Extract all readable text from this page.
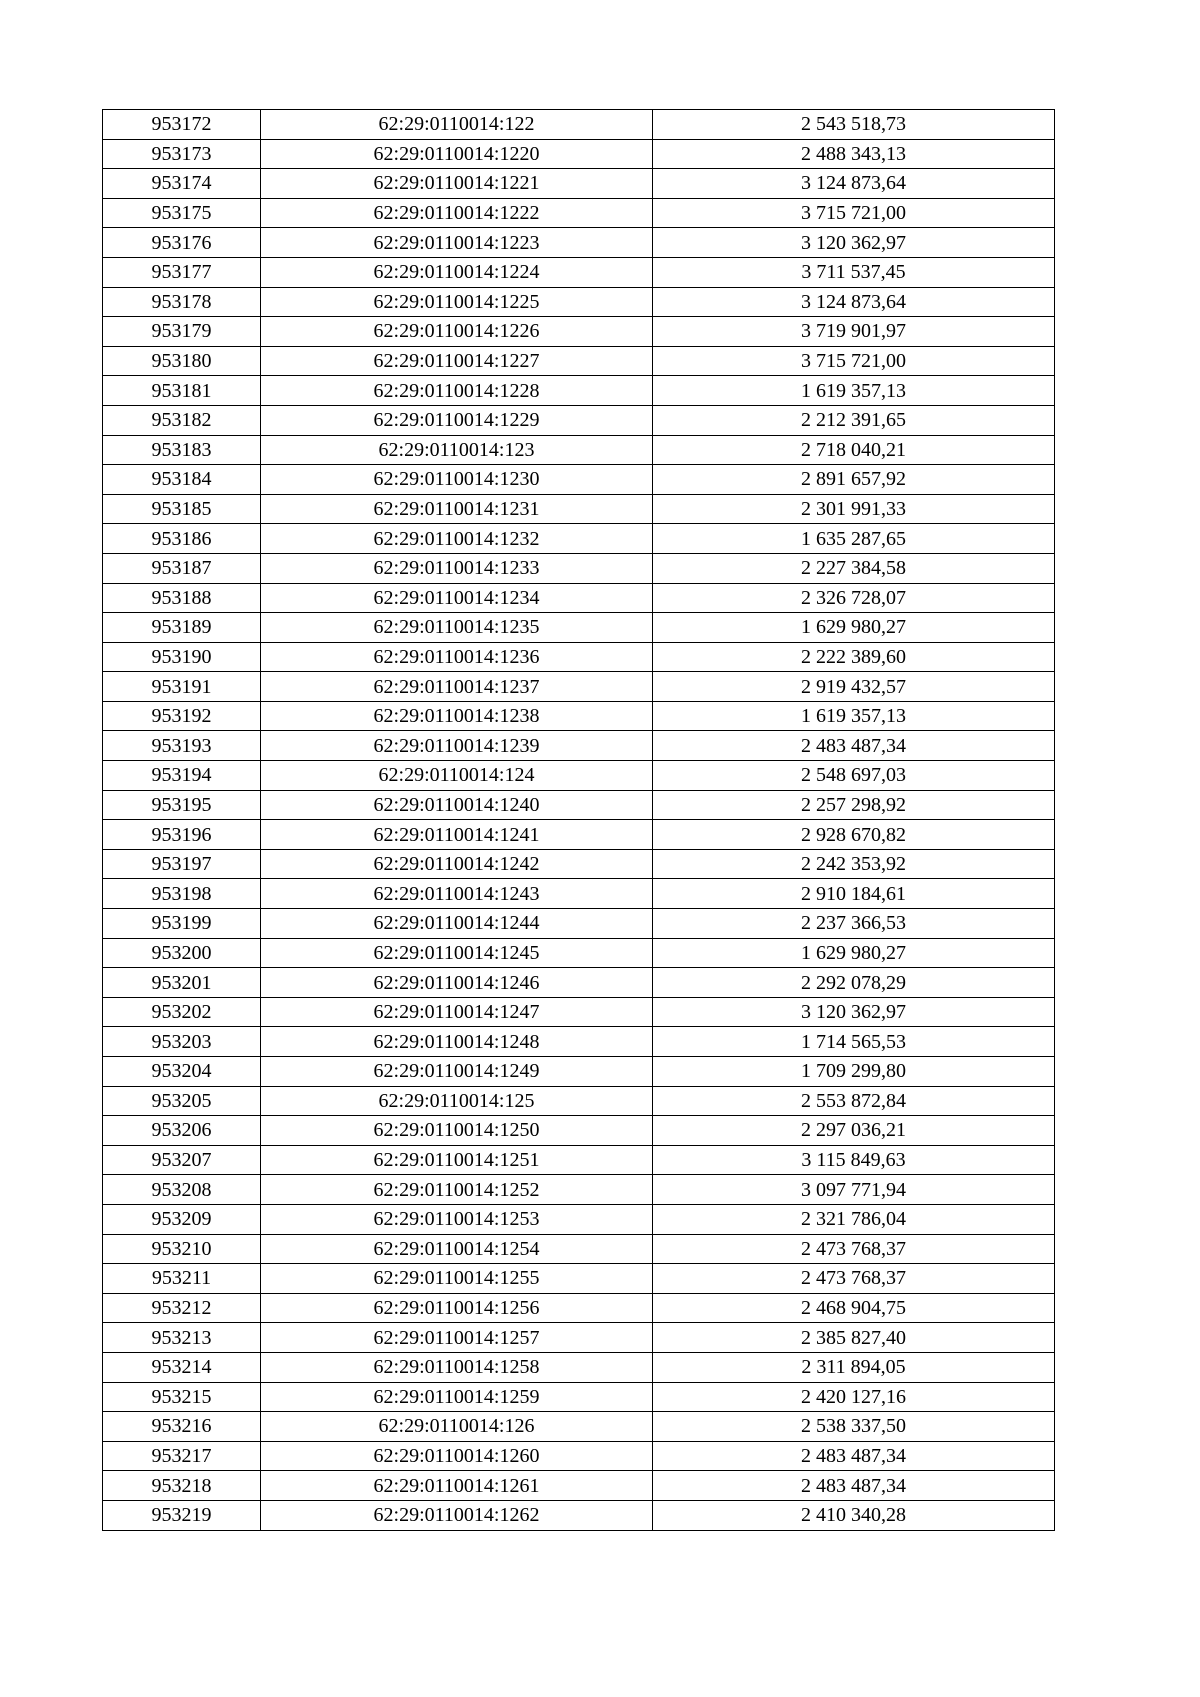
953172	62:29:0110014:122	2 543 518,73
953173	62:29:0110014:1220	2 488 343,13
953174	62:29:0110014:1221	3 124 873,64
953175	62:29:0110014:1222	3 715 721,00
953176	62:29:0110014:1223	3 120 362,97
953177	62:29:0110014:1224	3 711 537,45
953178	62:29:0110014:1225	3 124 873,64
953179	62:29:0110014:1226	3 719 901,97
953180	62:29:0110014:1227	3 715 721,00
953181	62:29:0110014:1228	1 619 357,13
953182	62:29:0110014:1229	2 212 391,65
953183	62:29:0110014:123	2 718 040,21
953184	62:29:0110014:1230	2 891 657,92
953185	62:29:0110014:1231	2 301 991,33
953186	62:29:0110014:1232	1 635 287,65
953187	62:29:0110014:1233	2 227 384,58
953188	62:29:0110014:1234	2 326 728,07
953189	62:29:0110014:1235	1 629 980,27
953190	62:29:0110014:1236	2 222 389,60
953191	62:29:0110014:1237	2 919 432,57
953192	62:29:0110014:1238	1 619 357,13
953193	62:29:0110014:1239	2 483 487,34
953194	62:29:0110014:124	2 548 697,03
953195	62:29:0110014:1240	2 257 298,92
953196	62:29:0110014:1241	2 928 670,82
953197	62:29:0110014:1242	2 242 353,92
953198	62:29:0110014:1243	2 910 184,61
953199	62:29:0110014:1244	2 237 366,53
953200	62:29:0110014:1245	1 629 980,27
953201	62:29:0110014:1246	2 292 078,29
953202	62:29:0110014:1247	3 120 362,97
953203	62:29:0110014:1248	1 714 565,53
953204	62:29:0110014:1249	1 709 299,80
953205	62:29:0110014:125	2 553 872,84
953206	62:29:0110014:1250	2 297 036,21
953207	62:29:0110014:1251	3 115 849,63
953208	62:29:0110014:1252	3 097 771,94
953209	62:29:0110014:1253	2 321 786,04
953210	62:29:0110014:1254	2 473 768,37
953211	62:29:0110014:1255	2 473 768,37
953212	62:29:0110014:1256	2 468 904,75
953213	62:29:0110014:1257	2 385 827,40
953214	62:29:0110014:1258	2 311 894,05
953215	62:29:0110014:1259	2 420 127,16
953216	62:29:0110014:126	2 538 337,50
953217	62:29:0110014:1260	2 483 487,34
953218	62:29:0110014:1261	2 483 487,34
953219	62:29:0110014:1262	2 410 340,28
